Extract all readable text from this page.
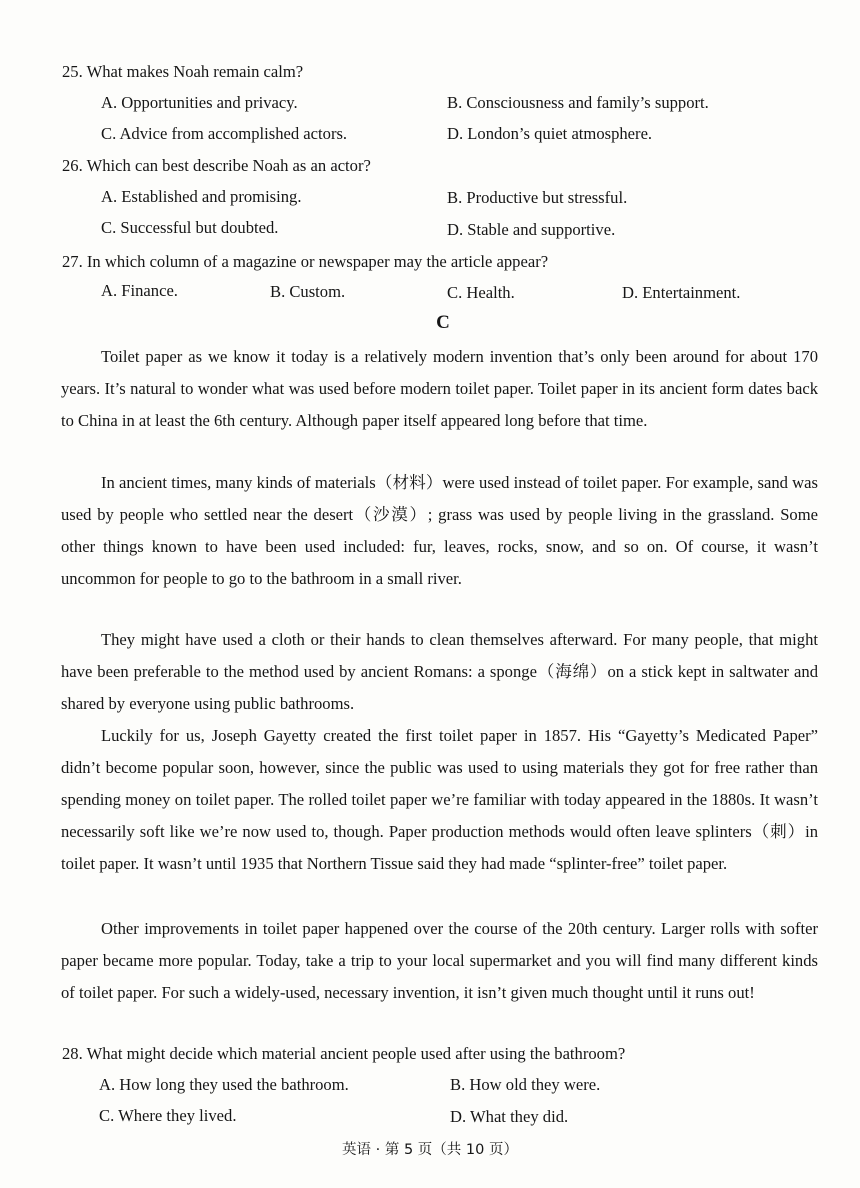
25. What makes Noah remain calm?
A. Opportunities and privacy.	B. Consciousness and family’s support.
C. Advice from accomplished actors.	D. London’s quiet atmosphere.
26. Which can best describe Noah as an actor?
A. Established and promising.	B. Productive but stressful.
C. Successful but doubted.	D. Stable and supportive.
27. In which column of a magazine or newspaper may the article appear?
A. Finance.	B. Custom.	C. Health.	D. Entertainment.
C
Toilet paper as we know it today is a relatively modern invention that’s only been around for about 170 years. It’s natural to wonder what was used before modern toilet paper. Toilet paper in its ancient form dates back to China in at least the 6th century. Although paper itself appeared long before that time.
In ancient times, many kinds of materials（材料）were used instead of toilet paper. For example, sand was used by people who settled near the desert（沙漠）; grass was used by people living in the grassland. Some other things known to have been used included: fur, leaves, rocks, snow, and so on. Of course, it wasn’t uncommon for people to go to the bathroom in a small river.
They might have used a cloth or their hands to clean themselves afterward. For many people, that might have been preferable to the method used by ancient Romans: a sponge（海绵）on a stick kept in saltwater and shared by everyone using public bathrooms.
Luckily for us, Joseph Gayetty created the first toilet paper in 1857. His “Gayetty’s Medicated Paper” didn’t become popular soon, however, since the public was used to using materials they got for free rather than spending money on toilet paper. The rolled toilet paper we’re familiar with today appeared in the 1880s. It wasn’t necessarily soft like we’re now used to, though. Paper production methods would often leave splinters（刺）in toilet paper. It wasn’t until 1935 that Northern Tissue said they had made “splinter-free” toilet paper.
Other improvements in toilet paper happened over the course of the 20th century. Larger rolls with softer paper became more popular. Today, take a trip to your local supermarket and you will find many different kinds of toilet paper. For such a widely-used, necessary invention, it isn’t given much thought until it runs out!
28. What might decide which material ancient people used after using the bathroom?
A. How long they used the bathroom.	B. How old they were.
C. Where they lived.	D. What they did.
英语 · 第 5 页（共 10 页）
